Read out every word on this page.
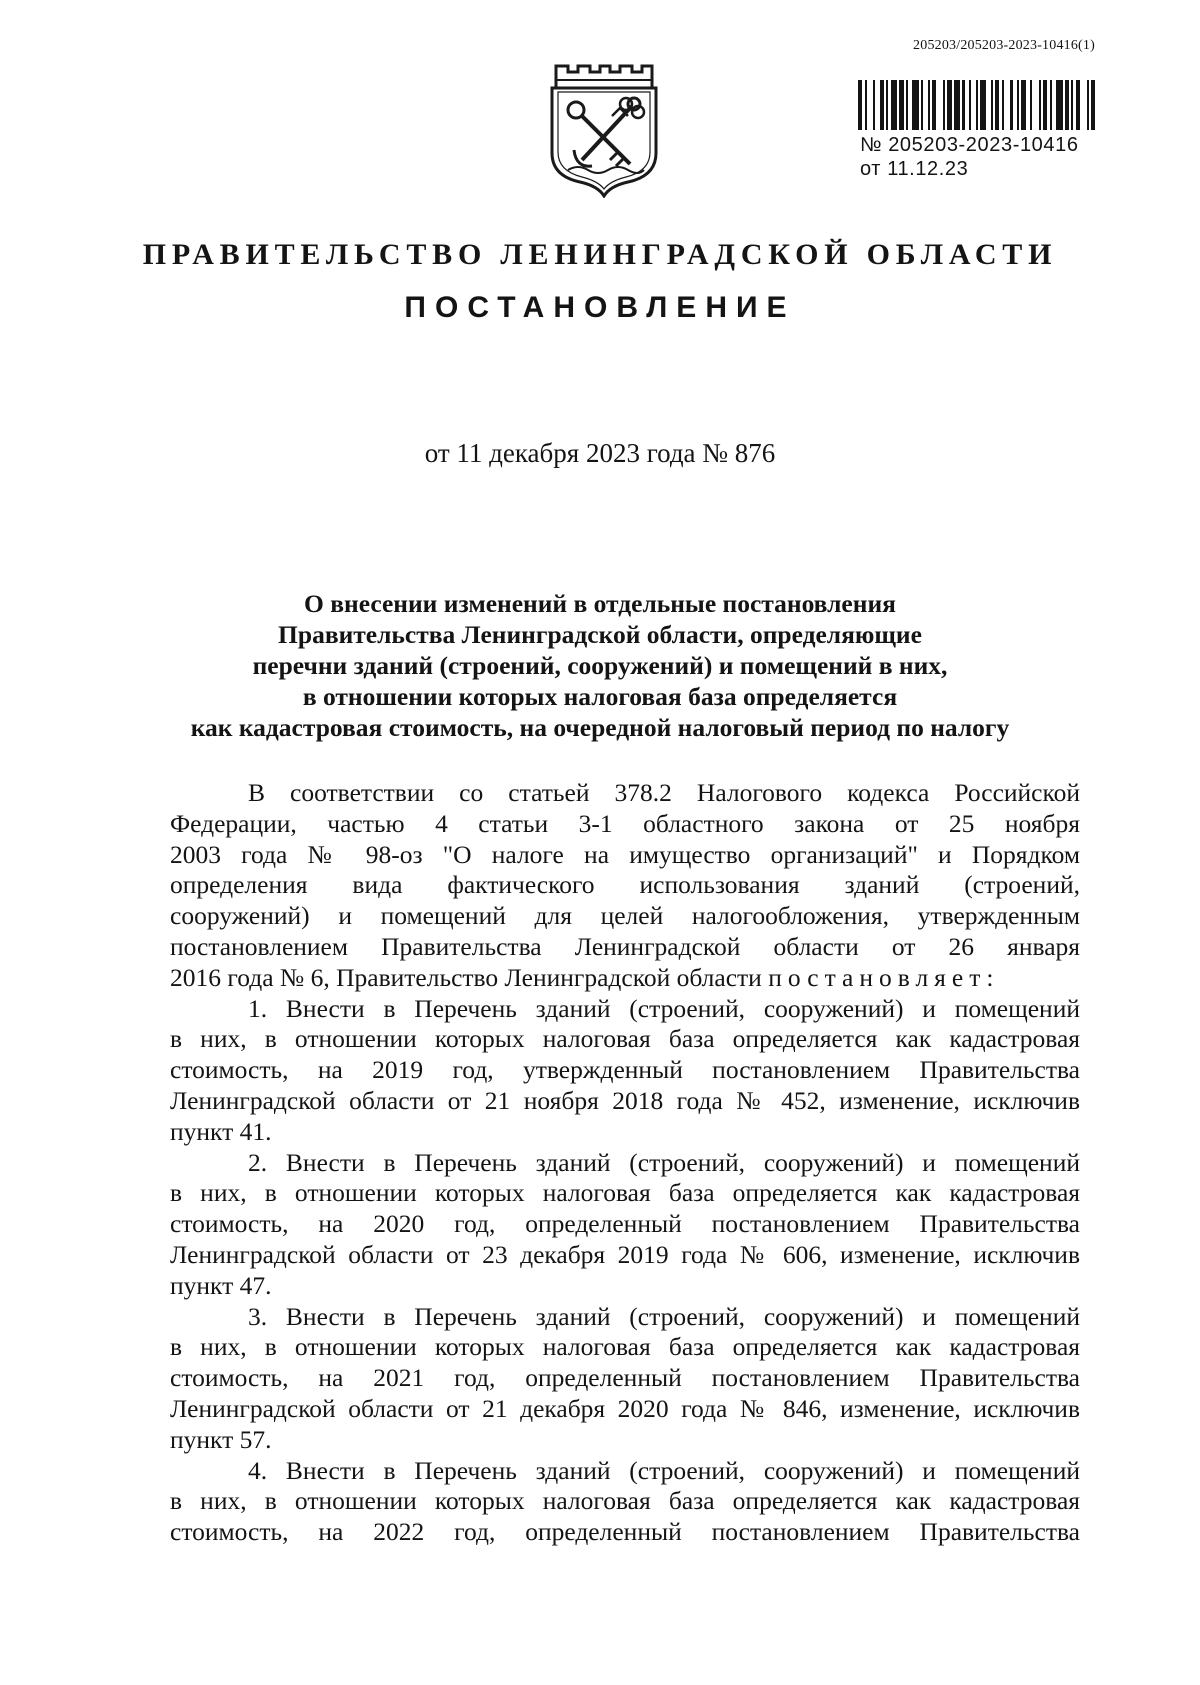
205203/205203-2023-10416(1)
№ 205203-2023-10416
от 11.12.23
ПРАВИТЕЛЬСТВО ЛЕНИНГРАДСКОЙ ОБЛАСТИ
ПОСТАНОВЛЕНИЕ
от 11 декабря 2023 года № 876
О внесении изменений в отдельные постановления
Правительства Ленинградской области, определяющие
перечни зданий (строений, сооружений) и помещений в них,
в отношении которых налоговая база определяется
как кадастровая стоимость, на очередной налоговый период по налогу
В соответствии со статьей 378.2 Налогового кодекса Российской
Федерации, частью 4 статьи 3-1 областного закона от 25 ноября
2003 года № 98-оз "О налоге на имущество организаций" и Порядком
определения вида фактического использования зданий (строений,
сооружений) и помещений для целей налогообложения, утвержденным
постановлением Правительства Ленинградской области от 26 января
2016 года № 6, Правительство Ленинградской области постановляет:
1. Внести в Перечень зданий (строений, сооружений) и помещений
в них, в отношении которых налоговая база определяется как кадастровая
стоимость, на 2019 год, утвержденный постановлением Правительства
Ленинградской области от 21 ноября 2018 года № 452, изменение, исключив
пункт 41.
2. Внести в Перечень зданий (строений, сооружений) и помещений
в них, в отношении которых налоговая база определяется как кадастровая
стоимость, на 2020 год, определенный постановлением Правительства
Ленинградской области от 23 декабря 2019 года № 606, изменение, исключив
пункт 47.
3. Внести в Перечень зданий (строений, сооружений) и помещений
в них, в отношении которых налоговая база определяется как кадастровая
стоимость, на 2021 год, определенный постановлением Правительства
Ленинградской области от 21 декабря 2020 года № 846, изменение, исключив
пункт 57.
4. Внести в Перечень зданий (строений, сооружений) и помещений
в них, в отношении которых налоговая база определяется как кадастровая
стоимость, на 2022 год, определенный постановлением Правительства
